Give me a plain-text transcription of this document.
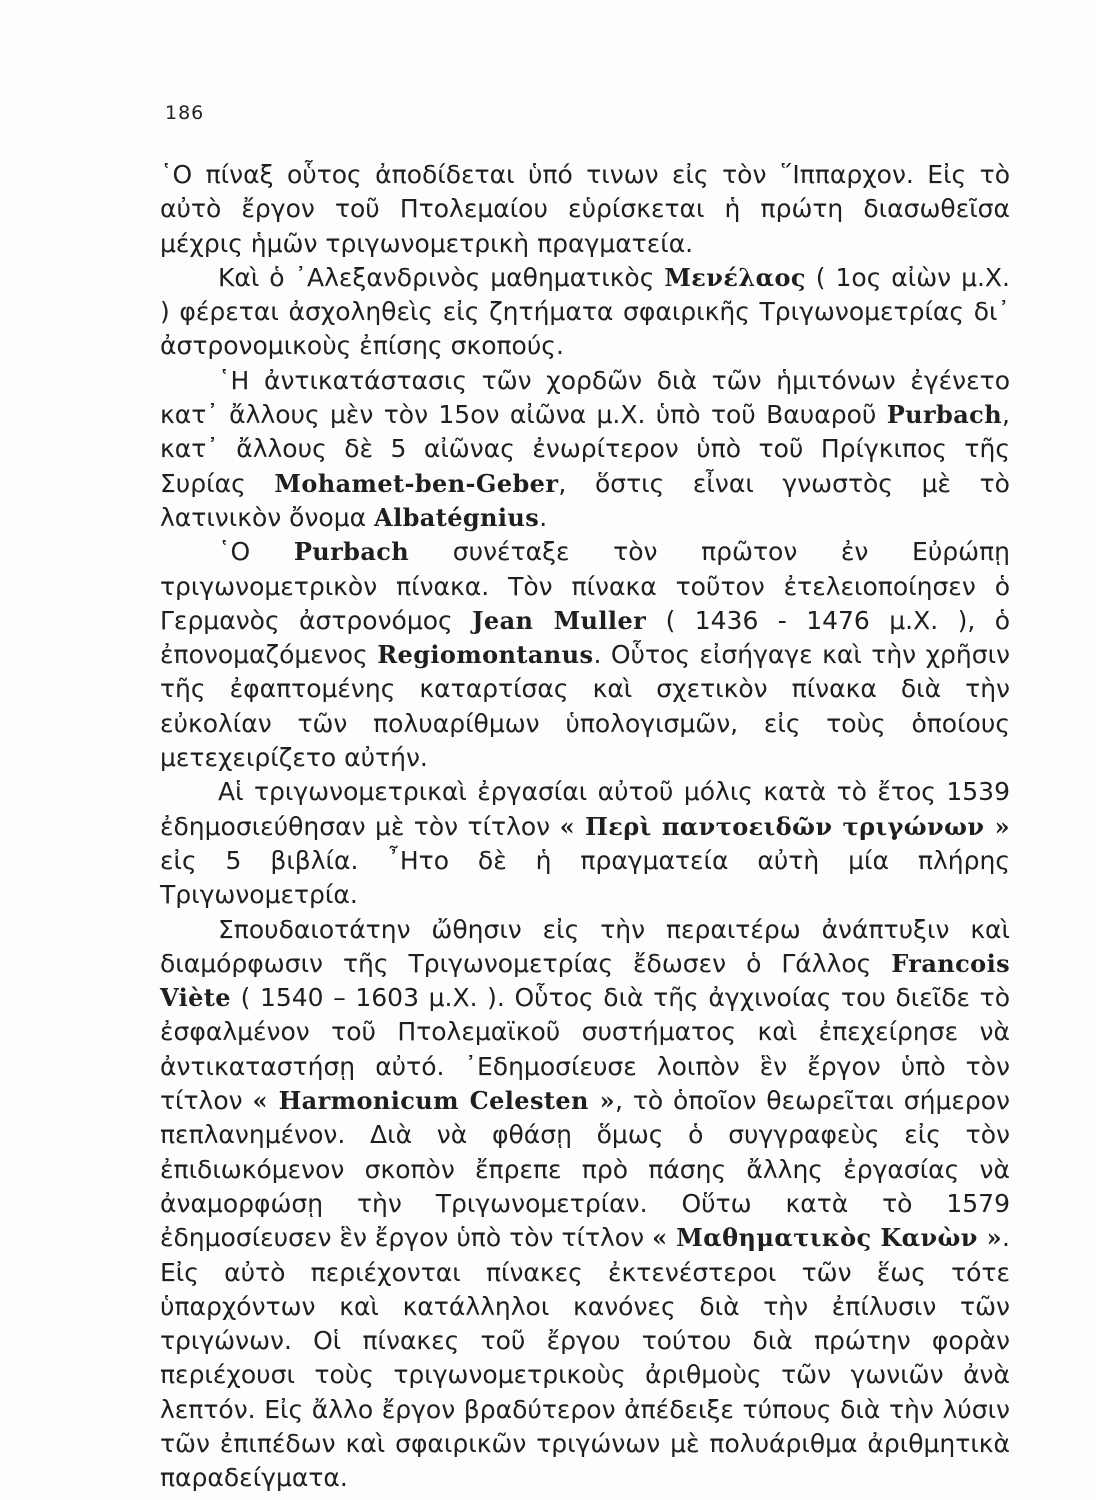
186

῾Ο πίναξ οὗτος ἀποδίδεται ὑπό τινων εἰς τὸν ῞Ιππαρχον. Εἰς τὸ αὐτὸ ἔργον τοῦ Πτολεμαίου εὑρίσκεται ἡ πρώτη διασωθεῖσα μέχρις ἡμῶν τριγωνομετρικὴ πραγματεία.

Καὶ ὁ ᾿Αλεξανδρινὸς μαθηματικὸς Μενέλαος ( 1ος αἰὼν μ.Χ. ) φέρεται ἀσχοληθεὶς εἰς ζητήματα σφαιρικῆς Τριγωνομετρίας δι᾿ ἀστρονομικοὺς ἐπίσης σκοπούς.

῾Η ἀντικατάστασις τῶν χορδῶν διὰ τῶν ἡμιτόνων ἐγένετο κατ᾿ ἄλλους μὲν τὸν 15ον αἰῶνα μ.Χ. ὑπὸ τοῦ Βαυαροῦ Purbach, κατ᾿ ἄλλους δὲ 5 αἰῶνας ἐνωρίτερον ὑπὸ τοῦ Πρίγκιπος τῆς Συρίας Mohamet-ben-Geber, ὅστις εἶναι γνωστὸς μὲ τὸ λατινικὸν ὄνομα Albatégnius.

῾Ο Purbach συνέταξε τὸν πρῶτον ἐν Εὐρώπῃ τριγωνομετρικὸν πίνακα. Τὸν πίνακα τοῦτον ἐτελειοποίησεν ὁ Γερμανὸς ἀστρονόμος Jean Muller ( 1436 - 1476 μ.Χ. ), ὁ ἐπονομαζόμενος Regiomontanus. Οὗτος εἰσήγαγε καὶ τὴν χρῆσιν τῆς ἐφαπτομένης καταρτίσας καὶ σχετικὸν πίνακα διὰ τὴν εὐκολίαν τῶν πολυαρίθμων ὑπολογισμῶν, εἰς τοὺς ὁποίους μετεχειρίζετο αὐτήν.

Αἱ τριγωνομετρικαὶ ἐργασίαι αὐτοῦ μόλις κατὰ τὸ ἔτος 1539 ἐδημοσιεύθησαν μὲ τὸν τίτλον « Περὶ παντοειδῶν τριγώνων » εἰς 5 βιβλία. ῏Ητο δὲ ἡ πραγματεία αὐτὴ μία πλήρης Τριγωνομετρία.

Σπουδαιοτάτην ὤθησιν εἰς τὴν περαιτέρω ἀνάπτυξιν καὶ διαμόρφωσιν τῆς Τριγωνομετρίας ἔδωσεν ὁ Γάλλος Francois Viète ( 1540 – 1603 μ.Χ. ). Οὗτος διὰ τῆς ἀγχινοίας του διεῖδε τὸ ἐσφαλμένον τοῦ Πτολεμαϊκοῦ συστήματος καὶ ἐπεχείρησε νὰ ἀντικαταστήσῃ αὐτό. ᾿Εδημοσίευσε λοιπὸν ἓν ἔργον ὑπὸ τὸν τίτλον « Harmonicum Celesten », τὸ ὁποῖον θεωρεῖται σήμερον πεπλανημένον. Διὰ νὰ φθάσῃ ὅμως ὁ συγγραφεὺς εἰς τὸν ἐπιδιωκόμενον σκοπὸν ἔπρεπε πρὸ πάσης ἄλλης ἐργασίας νὰ ἀναμορφώσῃ τὴν Τριγωνομετρίαν. Οὕτω κατὰ τὸ 1579 ἐδημοσίευσεν ἓν ἔργον ὑπὸ τὸν τίτλον « Μαθηματικὸς Κανὼν ». Εἰς αὐτὸ περιέχονται πίνακες ἐκτενέστεροι τῶν ἕως τότε ὑπαρχόντων καὶ κατάλληλοι κανόνες διὰ τὴν ἐπίλυσιν τῶν τριγώνων. Οἱ πίνακες τοῦ ἔργου τούτου διὰ πρώτην φορὰν περιέχουσι τοὺς τριγωνομετρικοὺς ἀριθμοὺς τῶν γωνιῶν ἀνὰ λεπτόν. Εἰς ἄλλο ἔργον βραδύτερον ἀπέδειξε τύπους διὰ τὴν λύσιν τῶν ἐπιπέδων καὶ σφαιρικῶν τριγώνων μὲ πολυάριθμα ἀριθμητικὰ παραδείγματα.
